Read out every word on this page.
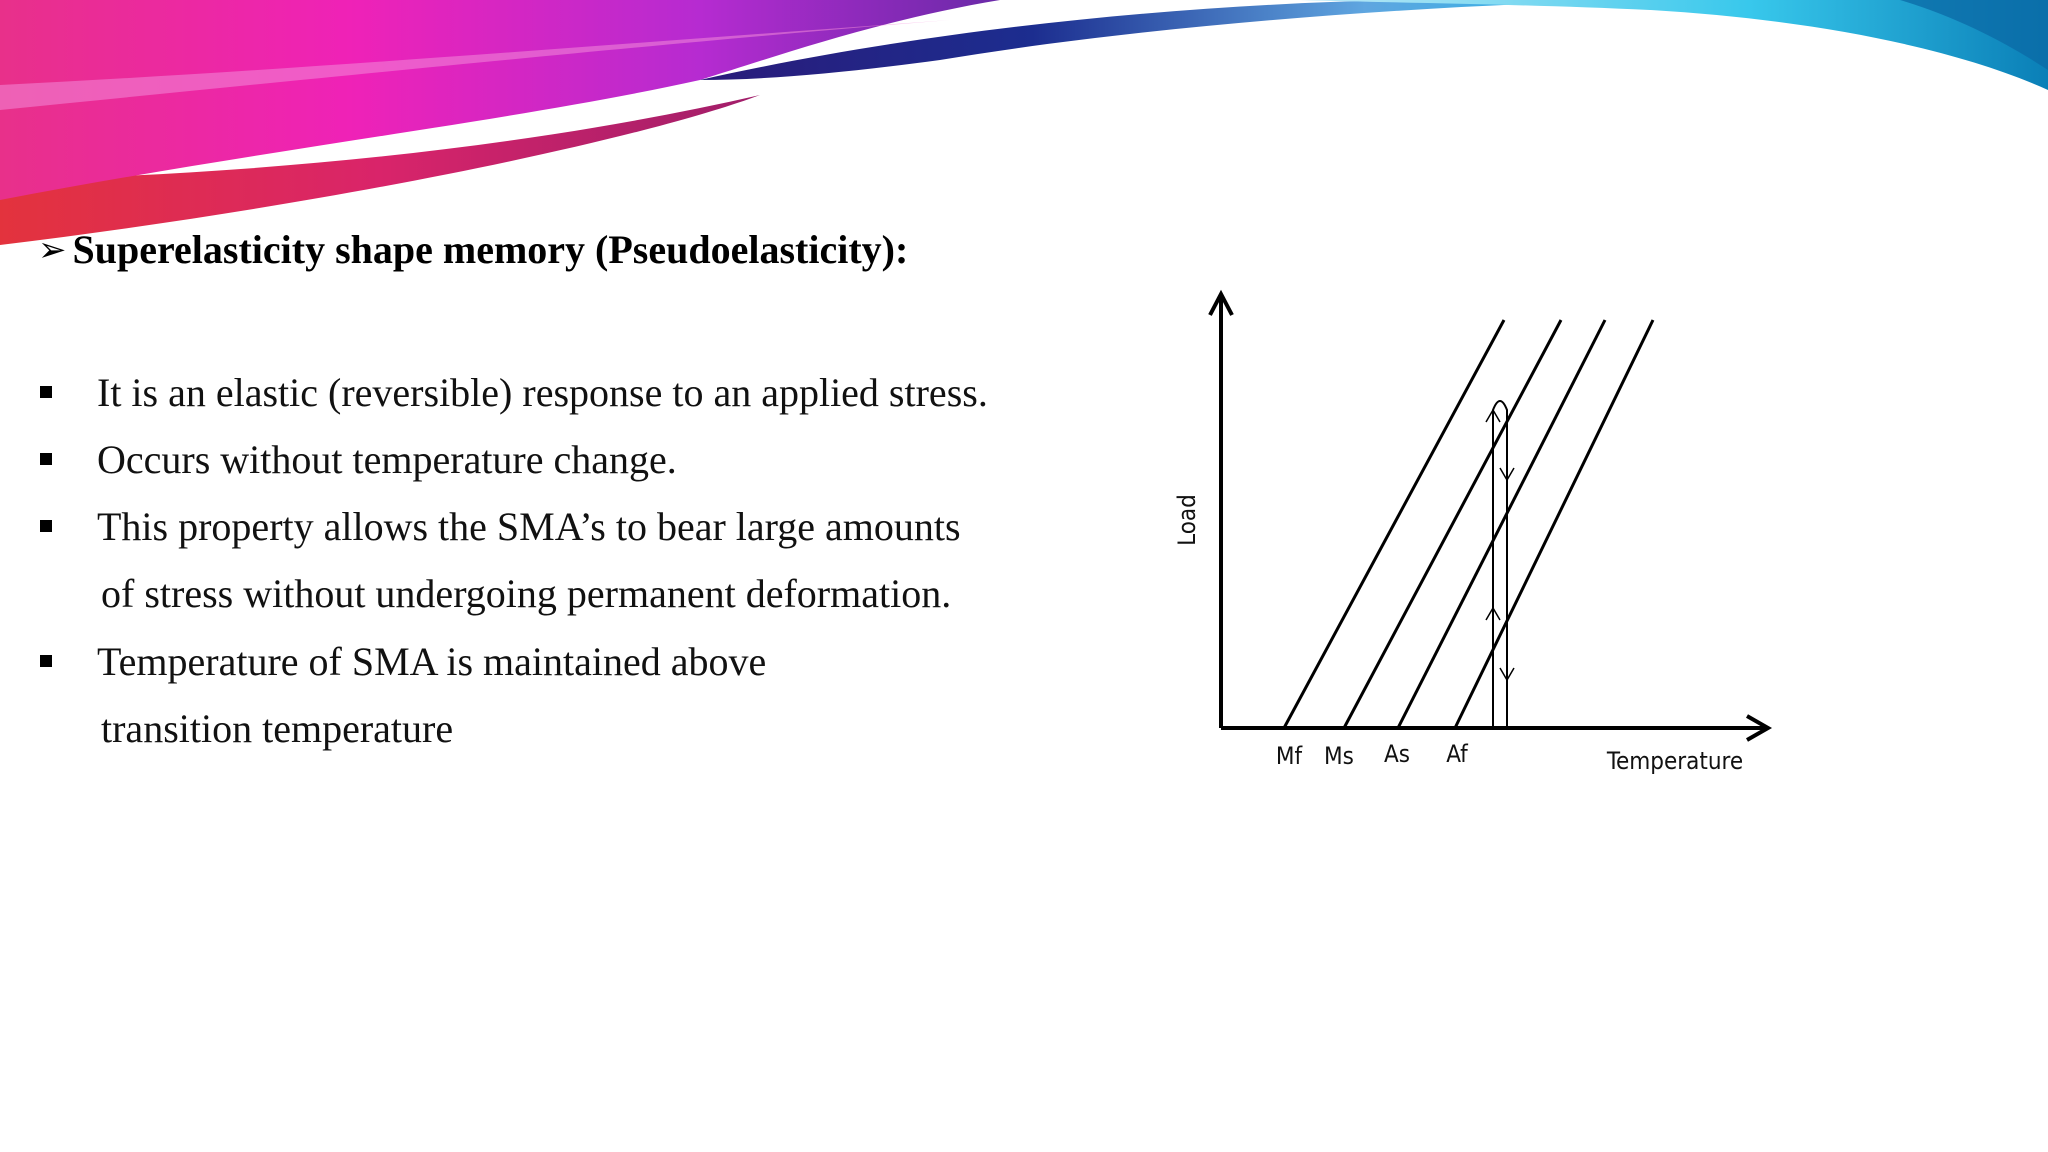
➢ Superelasticity shape memory (Pseudoelasticity):
It is an elastic (reversible) response to an applied stress.
Occurs without temperature change.
This property allows the SMA’s to bear large amounts
of stress without undergoing permanent deformation.
Temperature of SMA is maintained above
transition temperature
Load
Temperature
Mf Ms As Af
